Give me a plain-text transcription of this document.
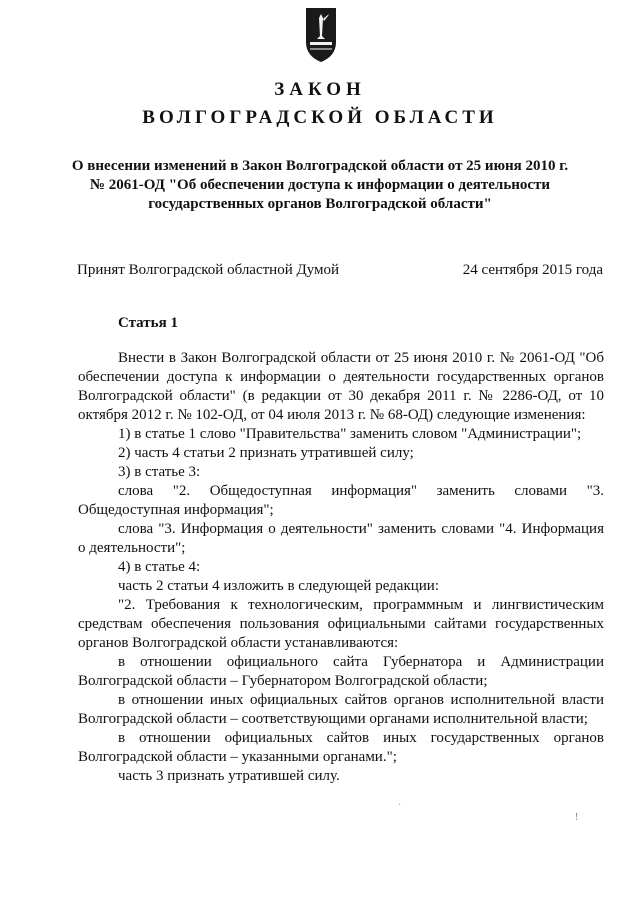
ЗАКОН
ВОЛГОГРАДСКОЙ ОБЛАСТИ
О внесении изменений в Закон Волгоградской области от 25 июня 2010 г.
№ 2061-ОД "Об обеспечении доступа к информации о деятельности
государственных органов Волгоградской области"
Принят Волгоградской областной Думой	24 сентября 2015 года
Статья 1

Внести в Закон Волгоградской области от 25 июня 2010 г. № 2061-ОД "Об обеспечении доступа к информации о деятельности государственных органов Волгоградской области" (в редакции от 30 декабря 2011 г. № 2286-ОД, от 10 октября 2012 г. № 102-ОД, от 04 июля 2013 г. № 68-ОД) следующие изменения:

1) в статье 1 слово "Правительства" заменить словом "Администрации";

2) часть 4 статьи 2 признать утратившей силу;

3) в статье 3:

слова "2. Общедоступная информация" заменить словами "3. Общедоступная информация";

слова "3. Информация о деятельности" заменить словами "4. Информация о деятельности";

4) в статье 4:

часть 2 статьи 4 изложить в следующей редакции:

"2. Требования к технологическим, программным и лингвистическим средствам обеспечения пользования официальными сайтами государственных органов Волгоградской области устанавливаются:

в отношении официального сайта Губернатора и Администрации Волгоградской области – Губернатором Волгоградской области;

в отношении иных официальных сайтов органов исполнительной власти Волгоградской области – соответствующими органами исполнительной власти;

в отношении официальных сайтов иных государственных органов Волгоградской области – указанными органами.";

часть 3 признать утратившей силу.

·
!
